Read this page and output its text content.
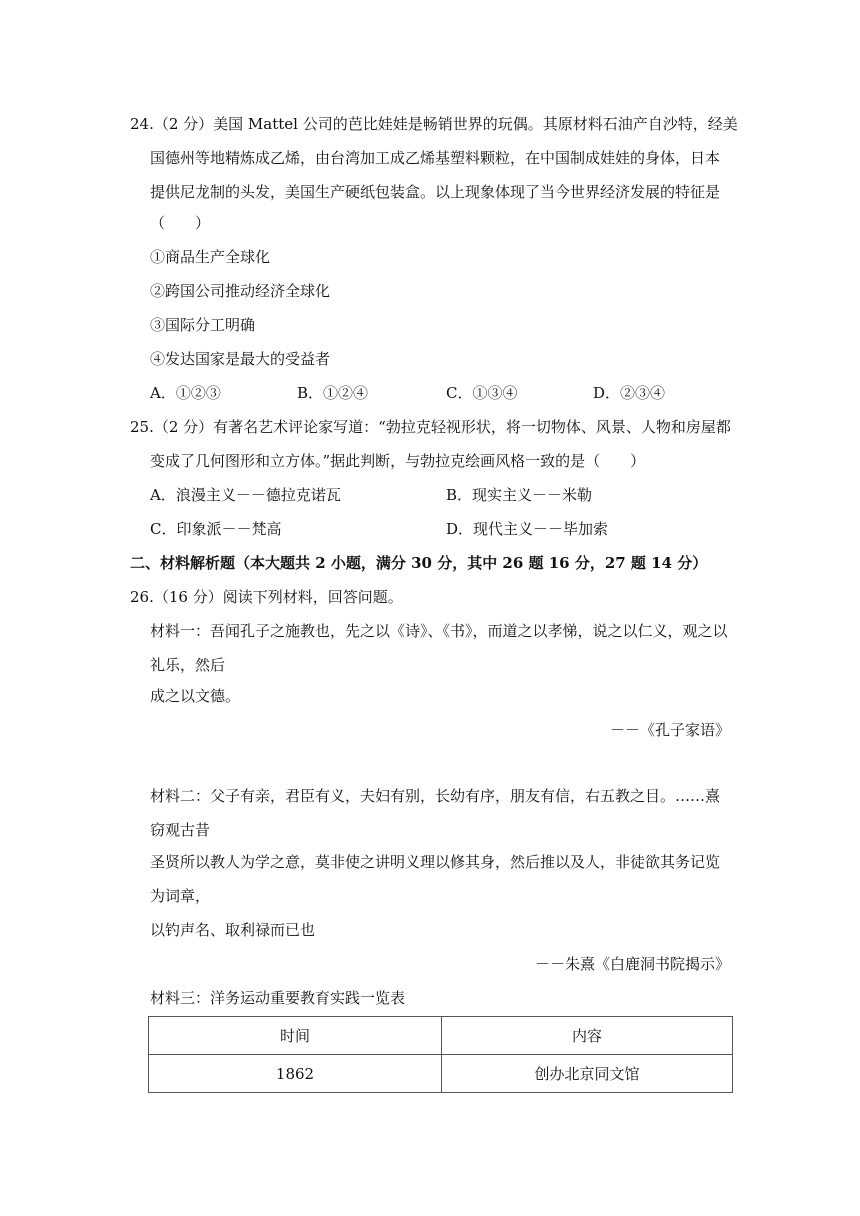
24.（2 分）美国 Mattel 公司的芭比娃娃是畅销世界的玩偶。其原材料石油产自沙特，经美
国德州等地精炼成乙烯，由台湾加工成乙烯基塑料颗粒，在中国制成娃娃的身体，日本
提供尼龙制的头发，美国生产硬纸包装盒。以上现象体现了当今世界经济发展的特征是
（　　）
①商品生产全球化
②跨国公司推动经济全球化
③国际分工明确
④发达国家是最大的受益者
A．①②③	B．①②④	C．①③④	D．②③④
25.（2 分）有著名艺术评论家写道：“勃拉克轻视形状，将一切物体、风景、人物和房屋都
变成了几何图形和立方体。”据此判断，与勃拉克绘画风格一致的是（　　）
A．浪漫主义－－德拉克诺瓦	B．现实主义－－米勒
C．印象派－－梵高	D．现代主义－－毕加索
二、材料解析题（本大题共 2 小题，满分 30 分，其中 26 题 16 分，27 题 14 分）
26.（16 分）阅读下列材料，回答问题。
材料一：吾闻孔子之施教也，先之以《诗》、《书》，而道之以孝悌，说之以仁义，观之以
礼乐，然后
成之以文德。
－－《孔子家语》
材料二：父子有亲，君臣有义，夫妇有别，长幼有序，朋友有信，右五教之目。……熹
窃观古昔
圣贤所以教人为学之意，莫非使之讲明义理以修其身，然后推以及人，非徒欲其务记览
为词章，
以钓声名、取利禄而已也
－－朱熹《白鹿洞书院揭示》
材料三：洋务运动重要教育实践一览表
时间	内容
1862	创办北京同文馆
